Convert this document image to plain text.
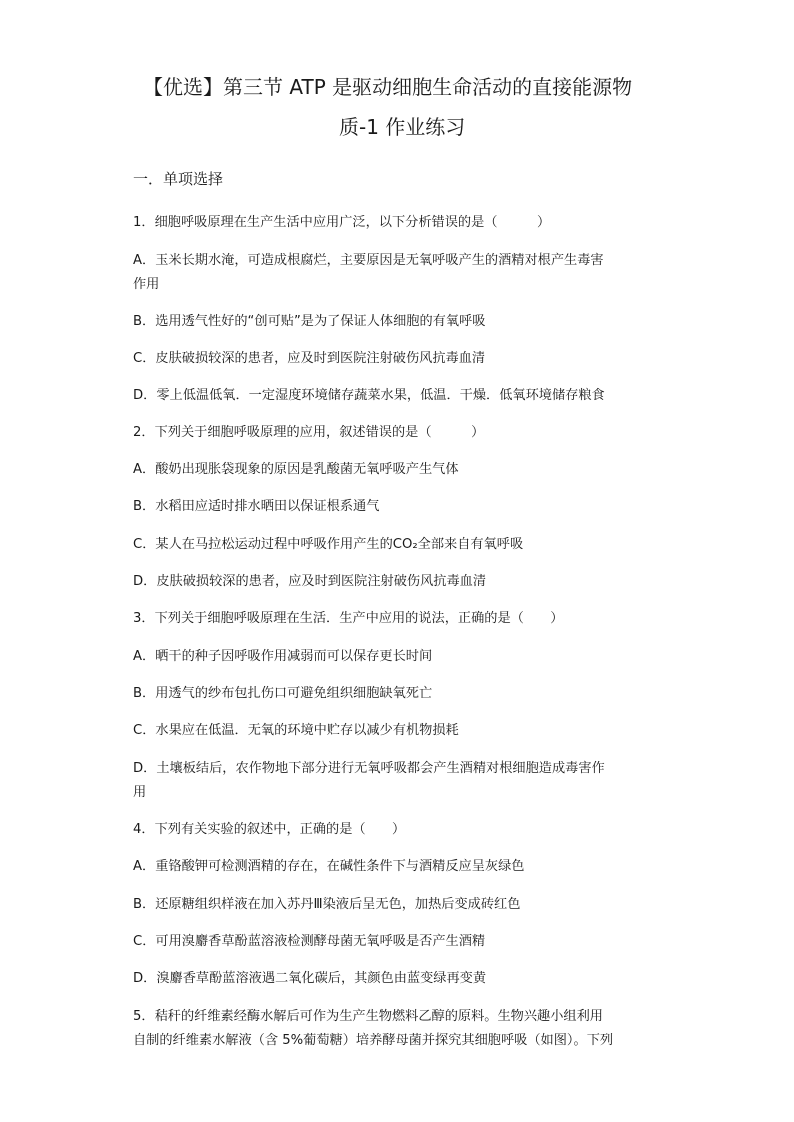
【优选】第三节 ATP 是驱动细胞生命活动的直接能源物
质-1 作业练习
一．单项选择
1．细胞呼吸原理在生产生活中应用广泛，以下分析错误的是（　　　）
A．玉米长期水淹，可造成根腐烂，主要原因是无氧呼吸产生的酒精对根产生毒害
作用
B．选用透气性好的“创可贴”是为了保证人体细胞的有氧呼吸
C．皮肤破损较深的患者，应及时到医院注射破伤风抗毒血清
D．零上低温低氧．一定湿度环境储存蔬菜水果，低温．干燥．低氧环境储存粮食
2．下列关于细胞呼吸原理的应用，叙述错误的是（　　　）
A．酸奶出现胀袋现象的原因是乳酸菌无氧呼吸产生气体
B．水稻田应适时排水晒田以保证根系通气
C．某人在马拉松运动过程中呼吸作用产生的CO₂全部来自有氧呼吸
D．皮肤破损较深的患者，应及时到医院注射破伤风抗毒血清
3．下列关于细胞呼吸原理在生活．生产中应用的说法，正确的是（　　）
A．晒干的种子因呼吸作用减弱而可以保存更长时间
B．用透气的纱布包扎伤口可避免组织细胞缺氧死亡
C．水果应在低温．无氧的环境中贮存以减少有机物损耗
D．土壤板结后，农作物地下部分进行无氧呼吸都会产生酒精对根细胞造成毒害作
用
4．下列有关实验的叙述中，正确的是（　　）
A．重铬酸钾可检测酒精的存在，在碱性条件下与酒精反应呈灰绿色
B．还原糖组织样液在加入苏丹Ⅲ染液后呈无色，加热后变成砖红色
C．可用溴麝香草酚蓝溶液检测酵母菌无氧呼吸是否产生酒精
D．溴麝香草酚蓝溶液遇二氧化碳后，其颜色由蓝变绿再变黄
5．秸秆的纤维素经酶水解后可作为生产生物燃料乙醇的原料。生物兴趣小组利用
自制的纤维素水解液（含 5%葡萄糖）培养酵母菌并探究其细胞呼吸（如图）。下列
